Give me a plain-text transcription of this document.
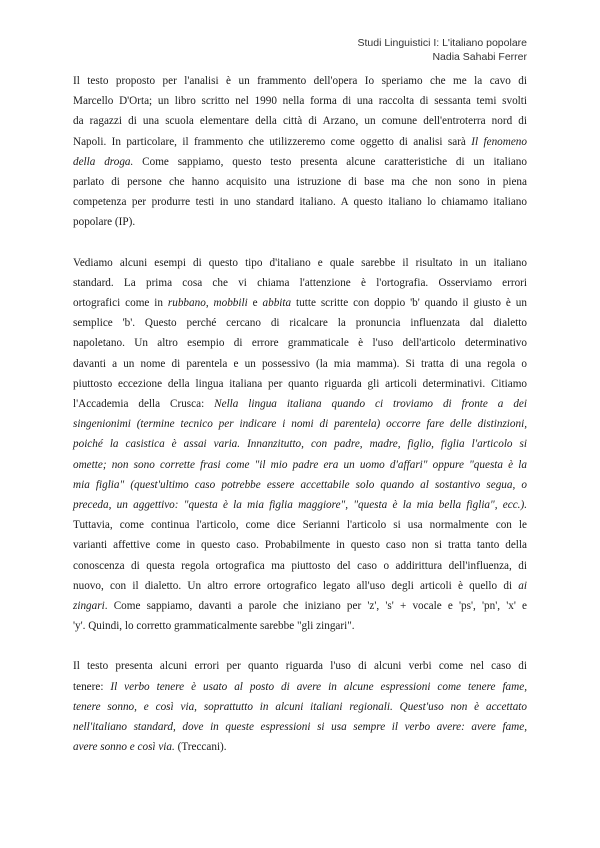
Studi Linguistici I: L'italiano popolare
Nadia Sahabi Ferrer
Il testo proposto per l'analisi è un frammento dell'opera Io speriamo che me la cavo di
Marcello D'Orta; un libro scritto nel 1990 nella forma di una raccolta di sessanta temi svolti
da ragazzi di una scuola elementare della città di Arzano, un comune dell'entroterra nord di
Napoli. In particolare, il frammento che utilizzeremo come oggetto di analisi sarà Il fenomeno
della droga. Come sappiamo, questo testo presenta alcune caratteristiche di un italiano
parlato di persone che hanno acquisito una istruzione di base ma che non sono in piena
competenza per produrre testi in uno standard italiano. A questo italiano lo chiamamo italiano
popolare (IP).
Vediamo alcuni esempi di questo tipo d'italiano e quale sarebbe il risultato in un italiano
standard. La prima cosa che vi chiama l'attenzione è l'ortografia. Osserviamo errori
ortografici come in rubbano, mobbili e abbita tutte scritte con doppio 'b' quando il giusto è un
semplice 'b'. Questo perché cercano di ricalcare la pronuncia influenzata dal dialetto
napoletano. Un altro esempio di errore grammaticale è l'uso dell'articolo determinativo
davanti a un nome di parentela e un possessivo (la mia mamma). Si tratta di una regola o
piuttosto eccezione della lingua italiana per quanto riguarda gli articoli determinativi. Citiamo
l'Accademia della Crusca: Nella lingua italiana quando ci troviamo di fronte a dei
singenionimi (termine tecnico per indicare i nomi di parentela) occorre fare delle distinzioni,
poiché la casistica è assai varia. Innanzitutto, con padre, madre, figlio, figlia l'articolo si
omette; non sono corrette frasi come "il mio padre era un uomo d'affari" oppure "questa è la
mia figlia" (quest'ultimo caso potrebbe essere accettabile solo quando al sostantivo segua, o
preceda, un aggettivo: "questa è la mia figlia maggiore", "questa è la mia bella figlia", ecc.).
Tuttavia, come continua l'articolo, come dice Serianni l'articolo si usa normalmente con le
varianti affettive come in questo caso. Probabilmente in questo caso non si tratta tanto della
conoscenza di questa regola ortografica ma piuttosto del caso o addirittura dell'influenza, di
nuovo, con il dialetto. Un altro errore ortografico legato all'uso degli articoli è quello di ai
zingari. Come sappiamo, davanti a parole che iniziano per 'z', 's' + vocale e 'ps', 'pn', 'x' e
'y'. Quindi, lo corretto grammaticalmente sarebbe "gli zingari".
Il testo presenta alcuni errori per quanto riguarda l'uso di alcuni verbi come nel caso di
tenere: Il verbo tenere è usato al posto di avere in alcune espressioni come tenere fame,
tenere sonno, e così via, soprattutto in alcuni italiani regionali. Quest'uso non è accettato
nell'italiano standard, dove in queste espressioni si usa sempre il verbo avere: avere fame,
avere sonno e così via. (Treccani).
